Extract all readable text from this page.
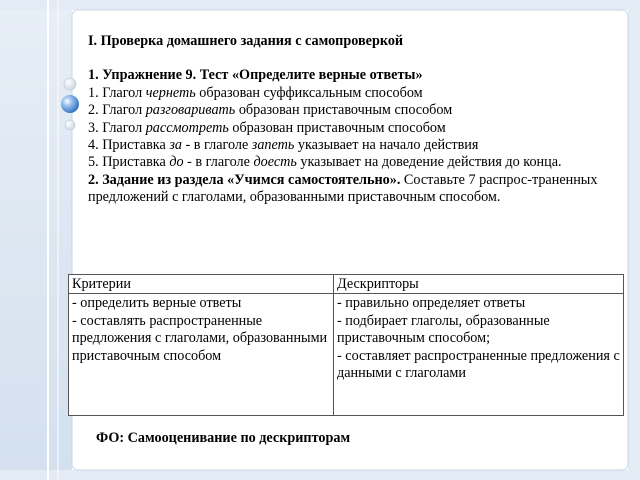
I. Проверка домашнего задания с самопроверкой
1. Упражнение 9. Тест «Определите верные ответы»
1. Глагол чернеть образован суффиксальным способом
2. Глагол разговаривать образован приставочным способом
3. Глагол рассмотреть образован приставочным способом
4. Приставка за - в глаголе запеть указывает на начало действия
5. Приставка до - в глаголе доесть указывает на доведение действия до конца.
2. Задание из раздела «Учимся самостоятельно». Составьте 7 распрос-траненных предложений с глаголами, образованными приставочным способом.
Критерии	Дескрипторы

- определить верные ответы
- составлять распространенные предложения с глаголами, образованными приставочным способом	- правильно определяет ответы
- подбирает глаголы, образованные приставочным способом;
- составляет распространенные предложения с данными с глаголами
ФО: Самооценивание по дескрипторам
